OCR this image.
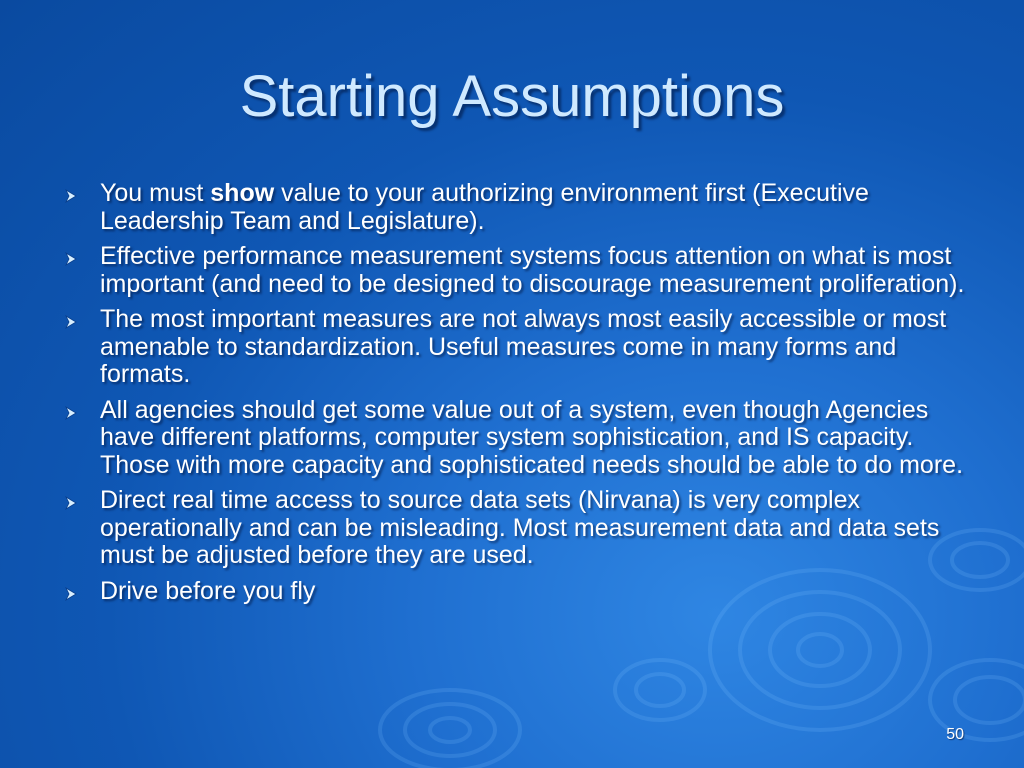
Starting Assumptions
You must show value to your authorizing environment first (Executive Leadership Team and Legislature).
Effective performance measurement systems focus attention on what is most important (and need to be designed to discourage measurement proliferation).
The most important measures are not always most easily accessible or most amenable to standardization. Useful measures come in many forms and formats.
All agencies should get some value out of a system, even though Agencies have different platforms, computer system sophistication, and IS capacity. Those with more capacity and sophisticated needs should be able to do more.
Direct real time access to source data sets (Nirvana) is very complex operationally and can be misleading. Most measurement data and data sets must be adjusted before they are used.
Drive before you fly
50
